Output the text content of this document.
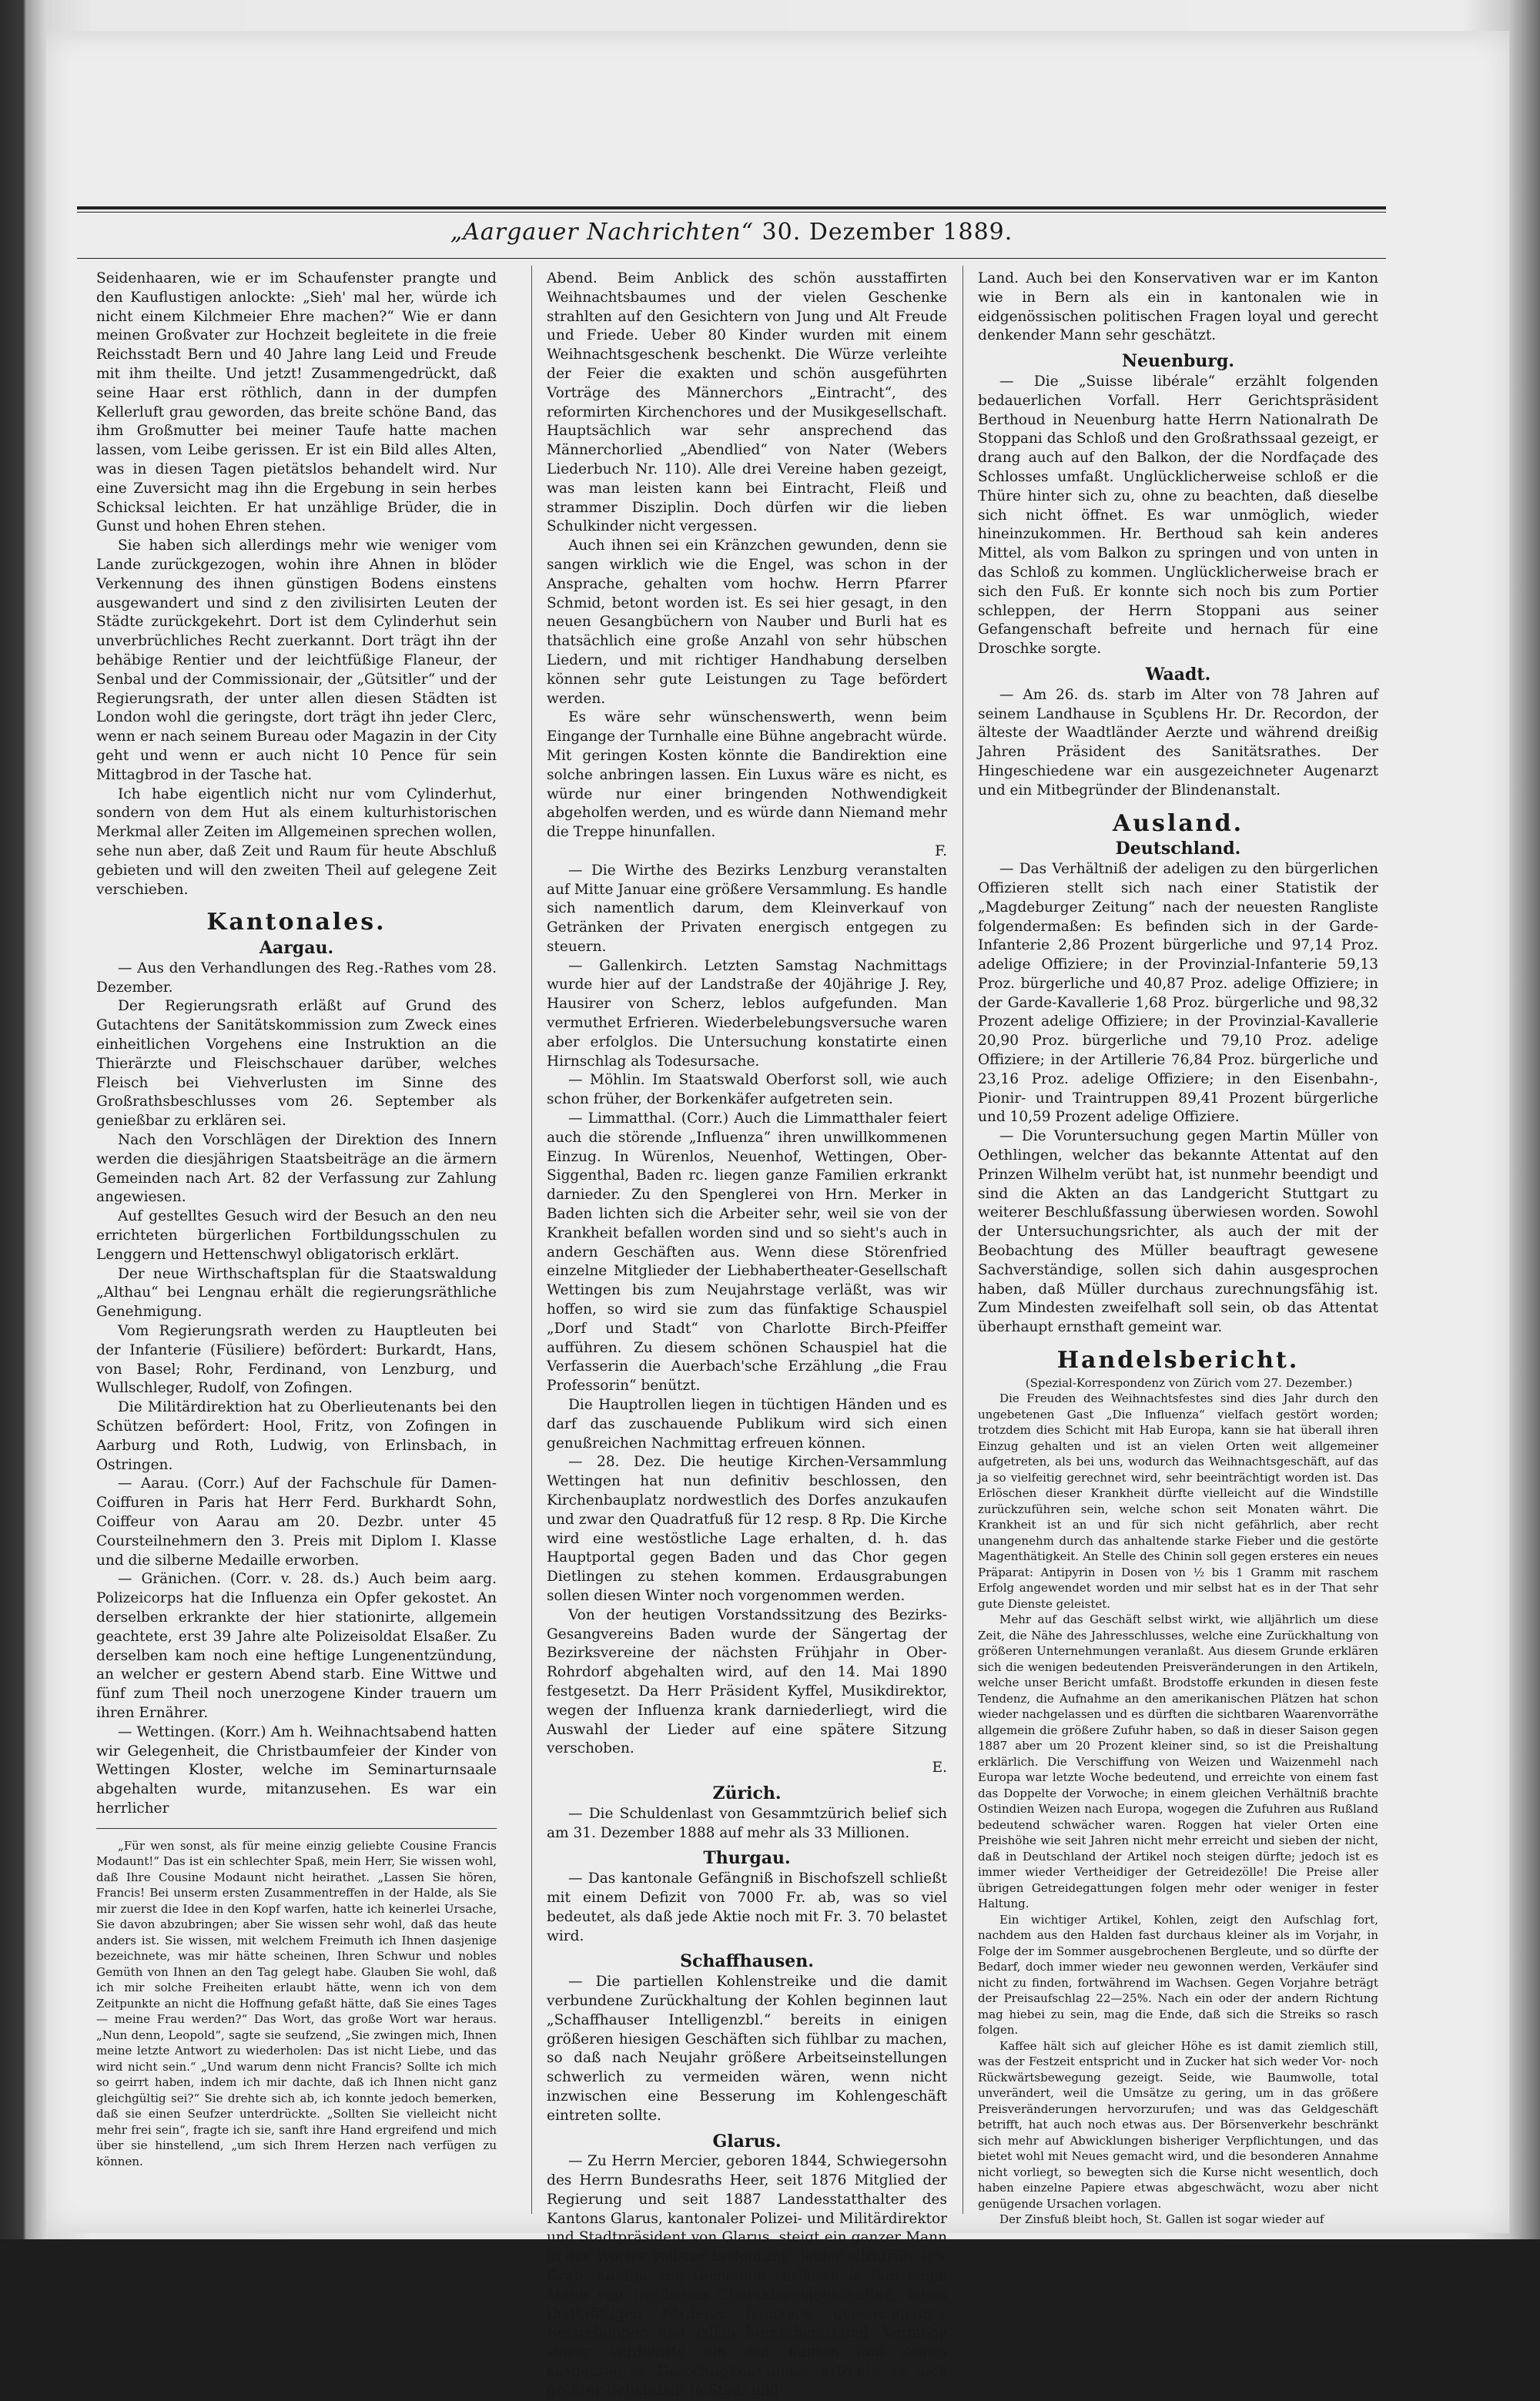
„Aargauer Nachrichten“ 30. Dezember 1889.

Seidenhaaren, wie er im Schaufenster prangte und den Kauflustigen anlockte: „Sieh' mal her, würde ich nicht einem Kilchmeier Ehre machen?“ Wie er dann meinen Großvater zur Hochzeit begleitete in die freie Reichsstadt Bern und 40 Jahre lang Leid und Freude mit ihm theilte. Und jetzt! Zusammengedrückt, daß seine Haar erst röthlich, dann in der dumpfen Kellerluft grau geworden, das breite schöne Band, das ihm Großmutter bei meiner Taufe hatte machen lassen, vom Leibe gerissen. Er ist ein Bild alles Alten, was in diesen Tagen pietätslos behandelt wird. Nur eine Zuversicht mag ihn die Ergebung in sein herbes Schicksal leichten. Er hat unzählige Brüder, die in Gunst und hohen Ehren stehen.

Sie haben sich allerdings mehr wie weniger vom Lande zurückgezogen, wohin ihre Ahnen in blöder Verkennung des ihnen günstigen Bodens einstens ausgewandert und sind z den zivilisirten Leuten der Städte zurückgekehrt. Dort ist dem Cylinderhut sein unverbrüchliches Recht zuerkannt. Dort trägt ihn der behäbige Rentier und der leichtfüßige Flaneur, der Senbal und der Commissionair, der „Gütsitler“ und der Regierungsrath, der unter allen diesen Städten ist London wohl die geringste, dort trägt ihn jeder Clerc, wenn er nach seinem Bureau oder Magazin in der City geht und wenn er auch nicht 10 Pence für sein Mittagbrod in der Tasche hat.

Ich habe eigentlich nicht nur vom Cylinderhut, sondern von dem Hut als einem kulturhistorischen Merkmal aller Zeiten im Allgemeinen sprechen wollen, sehe nun aber, daß Zeit und Raum für heute Abschluß gebieten und will den zweiten Theil auf gelegene Zeit verschieben.

Kantonales.
Aargau.

— Aus den Verhandlungen des Reg.-Rathes vom 28. Dezember.

Der Regierungsrath erläßt auf Grund des Gutachtens der Sanitätskommission zum Zweck eines einheitlichen Vorgehens eine Instruktion an die Thierärzte und Fleischschauer darüber, welches Fleisch bei Viehverlusten im Sinne des Großrathsbeschlusses vom 26. September als genießbar zu erklären sei.

Nach den Vorschlägen der Direktion des Innern werden die diesjährigen Staatsbeiträge an die ärmern Gemeinden nach Art. 82 der Verfassung zur Zahlung angewiesen.

Auf gestelltes Gesuch wird der Besuch an den neu errichteten bürgerlichen Fortbildungsschulen zu Lenggern und Hettenschwyl obligatorisch erklärt.

Der neue Wirthschaftsplan für die Staatswaldung „Althau“ bei Lengnau erhält die regierungsräthliche Genehmigung.

Vom Regierungsrath werden zu Hauptleuten bei der Infanterie (Füsiliere) befördert: Burkardt, Hans, von Basel; Rohr, Ferdinand, von Lenzburg, und Wullschleger, Rudolf, von Zofingen.

Die Militärdirektion hat zu Oberlieutenants bei den Schützen befördert: Hool, Fritz, von Zofingen in Aarburg und Roth, Ludwig, von Erlinsbach, in Ostringen.

— Aarau. (Corr.) Auf der Fachschule für Damen-Coiffuren in Paris hat Herr Ferd. Burkhardt Sohn, Coiffeur von Aarau am 20. Dezbr. unter 45 Coursteilnehmern den 3. Preis mit Diplom I. Klasse und die silberne Medaille erworben.

— Gränichen. (Corr. v. 28. ds.) Auch beim aarg. Polizeicorps hat die Influenza ein Opfer gekostet. An derselben erkrankte der hier stationirte, allgemein geachtete, erst 39 Jahre alte Polizeisoldat Elsaßer. Zu derselben kam noch eine heftige Lungenentzündung, an welcher er gestern Abend starb. Eine Wittwe und fünf zum Theil noch unerzogene Kinder trauern um ihren Ernährer.

— Wettingen. (Korr.) Am h. Weihnachtsabend hatten wir Gelegenheit, die Christbaumfeier der Kinder von Wettingen Kloster, welche im Seminarturnsaale abgehalten wurde, mitanzusehen. Es war ein herrlicher

„Für wen sonst, als für meine einzig geliebte Cousine Francis Modaunt!“ Das ist ein schlechter Spaß, mein Herr, Sie wissen wohl, daß Ihre Cousine Modaunt nicht heirathet. „Lassen Sie hören, Francis! Bei unserm ersten Zusammentreffen in der Halde, als Sie mir zuerst die Idee in den Kopf warfen, hatte ich keinerlei Ursache, Sie davon abzubringen; aber Sie wissen sehr wohl, daß das heute anders ist. Sie wissen, mit welchem Freimuth ich Ihnen dasjenige bezeichnete, was mir hätte scheinen, Ihren Schwur und nobles Gemüth von Ihnen an den Tag gelegt habe. Glauben Sie wohl, daß ich mir solche Freiheiten erlaubt hätte, wenn ich von dem Zeitpunkte an nicht die Hoffnung gefaßt hätte, daß Sie eines Tages — meine Frau werden?“ Das Wort, das große Wort war heraus. „Nun denn, Leopold“, sagte sie seufzend, „Sie zwingen mich, Ihnen meine letzte Antwort zu wiederholen: Das ist nicht Liebe, und das wird nicht sein.“ „Und warum denn nicht Francis? Sollte ich mich so geirrt haben, indem ich mir dachte, daß ich Ihnen nicht ganz gleichgültig sei?“ Sie drehte sich ab, ich konnte jedoch bemerken, daß sie einen Seufzer unterdrückte. „Sollten Sie vielleicht nicht mehr frei sein“, fragte ich sie, sanft ihre Hand ergreifend und mich über sie hinstellend, „um sich Ihrem Herzen nach verfügen zu können.

Abend. Beim Anblick des schön ausstaffirten Weihnachtsbaumes und der vielen Geschenke strahlten auf den Gesichtern von Jung und Alt Freude und Friede. Ueber 80 Kinder wurden mit einem Weihnachtsgeschenk beschenkt. Die Würze verleihte der Feier die exakten und schön ausgeführten Vorträge des Männerchors „Eintracht“, des reformirten Kirchenchores und der Musikgesellschaft. Hauptsächlich war sehr ansprechend das Männerchorlied „Abendlied“ von Nater (Webers Liederbuch Nr. 110). Alle drei Vereine haben gezeigt, was man leisten kann bei Eintracht, Fleiß und strammer Disziplin. Doch dürfen wir die lieben Schulkinder nicht vergessen.

Auch ihnen sei ein Kränzchen gewunden, denn sie sangen wirklich wie die Engel, was schon in der Ansprache, gehalten vom hochw. Herrn Pfarrer Schmid, betont worden ist. Es sei hier gesagt, in den neuen Gesangbüchern von Nauber und Burli hat es thatsächlich eine große Anzahl von sehr hübschen Liedern, und mit richtiger Handhabung derselben können sehr gute Leistungen zu Tage befördert werden.

Es wäre sehr wünschenswerth, wenn beim Eingange der Turnhalle eine Bühne angebracht würde. Mit geringen Kosten könnte die Bandirektion eine solche anbringen lassen. Ein Luxus wäre es nicht, es würde nur einer bringenden Nothwendigkeit abgeholfen werden, und es würde dann Niemand mehr die Treppe hinunfallen.

F.

— Die Wirthe des Bezirks Lenzburg veranstalten auf Mitte Januar eine größere Versammlung. Es handle sich namentlich darum, dem Kleinverkauf von Getränken der Privaten energisch entgegen zu steuern.

— Gallenkirch. Letzten Samstag Nachmittags wurde hier auf der Landstraße der 40jährige J. Rey, Hausirer von Scherz, leblos aufgefunden. Man vermuthet Erfrieren. Wiederbelebungsversuche waren aber erfolglos. Die Untersuchung konstatirte einen Hirnschlag als Todesursache.

— Möhlin. Im Staatswald Oberforst soll, wie auch schon früher, der Borkenkäfer aufgetreten sein.

— Limmatthal. (Corr.) Auch die Limmatthaler feiert auch die störende „Influenza“ ihren unwillkommenen Einzug. In Würenlos, Neuenhof, Wettingen, Ober-Siggenthal, Baden rc. liegen ganze Familien erkrankt darnieder. Zu den Spenglerei von Hrn. Merker in Baden lichten sich die Arbeiter sehr, weil sie von der Krankheit befallen worden sind und so sieht's auch in andern Geschäften aus. Wenn diese Störenfried einzelne Mitglieder der Liebhabertheater-Gesellschaft Wettingen bis zum Neujahrstage verläßt, was wir hoffen, so wird sie zum das fünfaktige Schauspiel „Dorf und Stadt“ von Charlotte Birch-Pfeiffer aufführen. Zu diesem schönen Schauspiel hat die Verfasserin die Auerbach'sche Erzählung „die Frau Professorin“ benützt.

Die Hauptrollen liegen in tüchtigen Händen und es darf das zuschauende Publikum wird sich einen genußreichen Nachmittag erfreuen können.

— 28. Dez. Die heutige Kirchen-Versammlung Wettingen hat nun definitiv beschlossen, den Kirchenbauplatz nordwestlich des Dorfes anzukaufen und zwar den Quadratfuß für 12 resp. 8 Rp. Die Kirche wird eine westöstliche Lage erhalten, d. h. das Hauptportal gegen Baden und das Chor gegen Dietlingen zu stehen kommen. Erdausgrabungen sollen diesen Winter noch vorgenommen werden.

Von der heutigen Vorstandssitzung des Bezirks-Gesangvereins Baden wurde der Sängertag der Bezirksvereine der nächsten Frühjahr in Ober-Rohrdorf abgehalten wird, auf den 14. Mai 1890 festgesetzt. Da Herr Präsident Kyffel, Musikdirektor, wegen der Influenza krank darniederliegt, wird die Auswahl der Lieder auf eine spätere Sitzung verschoben.

E.

Zürich.

— Die Schuldenlast von Gesammtzürich belief sich am 31. Dezember 1888 auf mehr als 33 Millionen.

Thurgau.

— Das kantonale Gefängniß in Bischofszell schließt mit einem Defizit von 7000 Fr. ab, was so viel bedeutet, als daß jede Aktie noch mit Fr. 3. 70 belastet wird.

Schaffhausen.

— Die partiellen Kohlenstreike und die damit verbundene Zurückhaltung der Kohlen beginnen laut „Schaffhauser Intelligenzbl.“ bereits in einigen größeren hiesigen Geschäften sich fühlbar zu machen, so daß nach Neujahr größere Arbeitseinstellungen schwerlich zu vermeiden wären, wenn nicht inzwischen eine Besserung im Kohlengeschäft eintreten sollte.

Glarus.

— Zu Herrn Mercier, geboren 1844, Schwiegersohn des Herrn Bundesraths Heer, seit 1876 Mitglied der Regierung und seit 1887 Landesstatthalter des Kantons Glarus, kantonaler Polizei- und Militärdirektor und Stadtpräsident von Glarus, steigt ein ganzer Mann in des Wortes vollster Bedeutung, leider allzufrüh, in's Grab. Kanton und Gemeinde verlieren in ihm einen Mann von trefflichen Charaktereigenschaften, einen thatkräftigen Förderer humaner, gemeinnütziger Bestrebungen und edlen Menschenfreund. Vermöge seiner Verdienste um den Kanton und seines ausgeprägten Gerechtigkeitssinnes erfreute er sich größter Beliebtheit in Stadt und

Land. Auch bei den Konservativen war er im Kanton wie in Bern als ein in kantonalen wie in eidgenössischen politischen Fragen loyal und gerecht denkender Mann sehr geschätzt.

Neuenburg.

— Die „Suisse libérale“ erzählt folgenden bedauerlichen Vorfall. Herr Gerichtspräsident Berthoud in Neuenburg hatte Herrn Nationalrath De Stoppani das Schloß und den Großrathssaal gezeigt, er drang auch auf den Balkon, der die Nordfaçade des Schlosses umfaßt. Unglücklicherweise schloß er die Thüre hinter sich zu, ohne zu beachten, daß dieselbe sich nicht öffnet. Es war unmöglich, wieder hineinzukommen. Hr. Berthoud sah kein anderes Mittel, als vom Balkon zu springen und von unten in das Schloß zu kommen. Unglücklicherweise brach er sich den Fuß. Er konnte sich noch bis zum Portier schleppen, der Herrn Stoppani aus seiner Gefangenschaft befreite und hernach für eine Droschke sorgte.

Waadt.

— Am 26. ds. starb im Alter von 78 Jahren auf seinem Landhause in Sçublens Hr. Dr. Recordon, der älteste der Waadtländer Aerzte und während dreißig Jahren Präsident des Sanitätsrathes. Der Hingeschiedene war ein ausgezeichneter Augenarzt und ein Mitbegründer der Blindenanstalt.

Ausland.
Deutschland.

— Das Verhältniß der adeligen zu den bürgerlichen Offizieren stellt sich nach einer Statistik der „Magdeburger Zeitung“ nach der neuesten Rangliste folgendermaßen: Es befinden sich in der Garde-Infanterie 2,86 Prozent bürgerliche und 97,14 Proz. adelige Offiziere; in der Provinzial-Infanterie 59,13 Proz. bürgerliche und 40,87 Proz. adelige Offiziere; in der Garde-Kavallerie 1,68 Proz. bürgerliche und 98,32 Prozent adelige Offiziere; in der Provinzial-Kavallerie 20,90 Proz. bürgerliche und 79,10 Proz. adelige Offiziere; in der Artillerie 76,84 Proz. bürgerliche und 23,16 Proz. adelige Offiziere; in den Eisenbahn-, Pionir- und Traintruppen 89,41 Prozent bürgerliche und 10,59 Prozent adelige Offiziere.

— Die Voruntersuchung gegen Martin Müller von Oethlingen, welcher das bekannte Attentat auf den Prinzen Wilhelm verübt hat, ist nunmehr beendigt und sind die Akten an das Landgericht Stuttgart zu weiterer Beschlußfassung überwiesen worden. Sowohl der Untersuchungsrichter, als auch der mit der Beobachtung des Müller beauftragt gewesene Sachverständige, sollen sich dahin ausgesprochen haben, daß Müller durchaus zurechnungsfähig ist. Zum Mindesten zweifelhaft soll sein, ob das Attentat überhaupt ernsthaft gemeint war.

Handelsbericht.

(Spezial-Korrespondenz von Zürich vom 27. Dezember.)

Die Freuden des Weihnachtsfestes sind dies Jahr durch den ungebetenen Gast „Die Influenza“ vielfach gestört worden; trotzdem dies Schicht mit Hab Europa, kann sie hat überall ihren Einzug gehalten und ist an vielen Orten weit allgemeiner aufgetreten, als bei uns, wodurch das Weihnachtsgeschäft, auf das ja so vielfeitig gerechnet wird, sehr beeinträchtigt worden ist. Das Erlöschen dieser Krankheit dürfte vielleicht auf die Windstille zurückzuführen sein, welche schon seit Monaten währt. Die Krankheit ist an und für sich nicht gefährlich, aber recht unangenehm durch das anhaltende starke Fieber und die gestörte Magenthätigkeit. An Stelle des Chinin soll gegen ersteres ein neues Präparat: Antipyrin in Dosen von ½ bis 1 Gramm mit raschem Erfolg angewendet worden und mir selbst hat es in der That sehr gute Dienste geleistet.

Mehr auf das Geschäft selbst wirkt, wie alljährlich um diese Zeit, die Nähe des Jahresschlusses, welche eine Zurückhaltung von größeren Unternehmungen veranlaßt. Aus diesem Grunde erklären sich die wenigen bedeutenden Preisveränderungen in den Artikeln, welche unser Bericht umfaßt. Brodstoffe erkunden in diesen feste Tendenz, die Aufnahme an den amerikanischen Plätzen hat schon wieder nachgelassen und es dürften die sichtbaren Waarenvorräthe allgemein die größere Zufuhr haben, so daß in dieser Saison gegen 1887 aber um 20 Prozent kleiner sind, so ist die Preishaltung erklärlich. Die Verschiffung von Weizen und Waizenmehl nach Europa war letzte Woche bedeutend, und erreichte von einem fast das Doppelte der Vorwoche; in einem gleichen Verhältniß brachte Ostindien Weizen nach Europa, wogegen die Zufuhren aus Rußland bedeutend schwächer waren. Roggen hat vieler Orten eine Preishöhe wie seit Jahren nicht mehr erreicht und sieben der nicht, daß in Deutschland der Artikel noch steigen dürfte; jedoch ist es immer wieder Vertheidiger der Getreidezölle! Die Preise aller übrigen Getreidegattungen folgen mehr oder weniger in fester Haltung.

Ein wichtiger Artikel, Kohlen, zeigt den Aufschlag fort, nachdem aus den Halden fast durchaus kleiner als im Vorjahr, in Folge der im Sommer ausgebrochenen Bergleute, und so dürfte der Bedarf, doch immer wieder neu gewonnen werden, Verkäufer sind nicht zu finden, fortwährend im Wachsen. Gegen Vorjahre beträgt der Preisaufschlag 22—25%. Nach ein oder der andern Richtung mag hiebei zu sein, mag die Ende, daß sich die Streiks so rasch folgen.

Kaffee hält sich auf gleicher Höhe es ist damit ziemlich still, was der Festzeit entspricht und in Zucker hat sich weder Vor- noch Rückwärtsbewegung gezeigt. Seide, wie Baumwolle, total unverändert, weil die Umsätze zu gering, um in das größere Preisveränderungen hervorzurufen; und was das Geldgeschäft betrifft, hat auch noch etwas aus. Der Börsenverkehr beschränkt sich mehr auf Abwicklungen bisheriger Verpflichtungen, und das bietet wohl mit Neues gemacht wird, und die besonderen Annahme nicht vorliegt, so bewegten sich die Kurse nicht wesentlich, doch haben einzelne Papiere etwas abgeschwächt, wozu aber nicht genügende Ursachen vorlagen.

Der Zinsfuß bleibt hoch, St. Gallen ist sogar wieder auf
